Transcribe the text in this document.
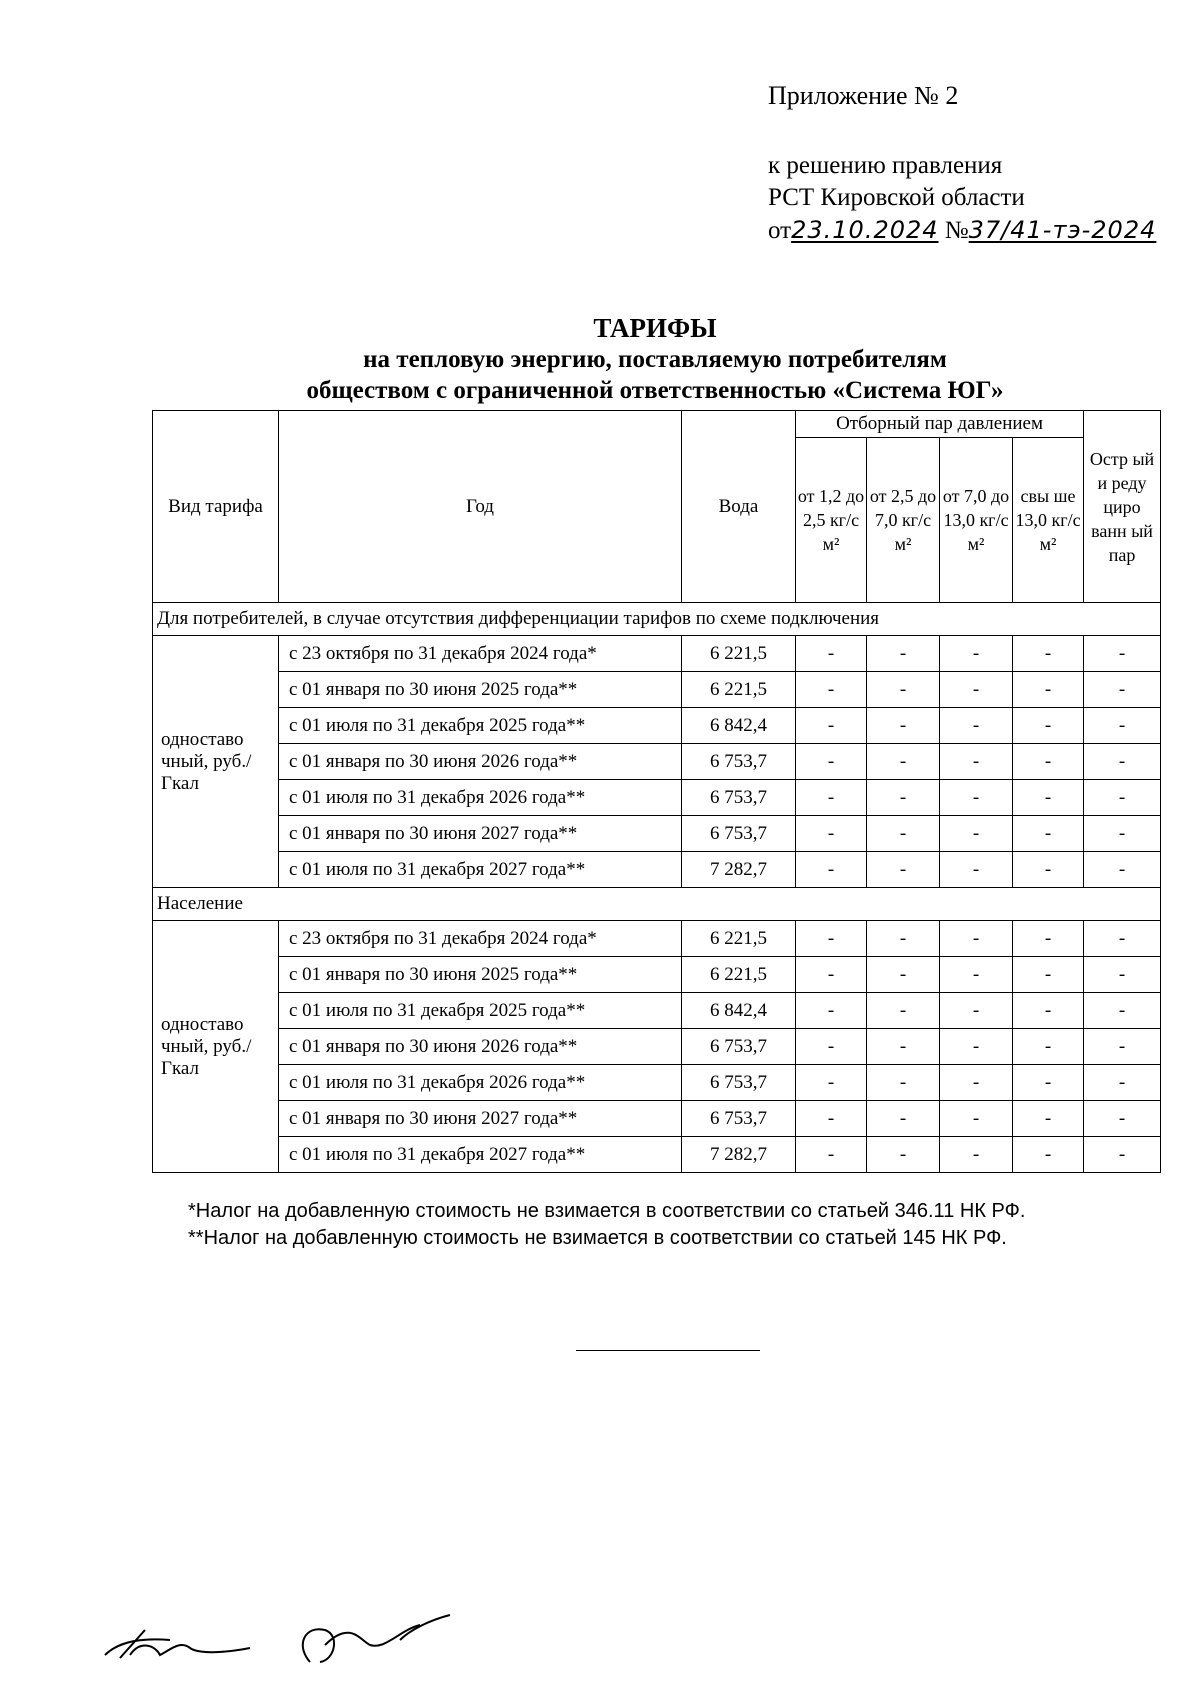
Приложение № 2
к решению правления
РСТ Кировской области
от23.10.2024 №37/41-тэ-2024
ТАРИФЫ
на тепловую энергию, поставляемую потребителям
обществом с ограниченной ответственностью «Система ЮГ»
Вид тарифа	Год	Вода	Отборный пар давлением				Остр ый и реду циро ванн ый пар
			от 1,2 до 2,5 кг/с м²	от 2,5 до 7,0 кг/с м²	от 7,0 до 13,0 кг/с м²	свы ше 13,0 кг/с м²	
Для потребителей, в случае отсутствия дифференциации тарифов по схеме подключения							
одноставо чный, руб./Гкал	с 23 октября по 31 декабря 2024 года*	6 221,5	-	-	-	-	-
	с 01 января по 30 июня 2025 года**	6 221,5	-	-	-	-	-
	с 01 июля по 31 декабря 2025 года**	6 842,4	-	-	-	-	-
	с 01 января по 30 июня 2026 года**	6 753,7	-	-	-	-	-
	с 01 июля по 31 декабря 2026 года**	6 753,7	-	-	-	-	-
	с 01 января по 30 июня 2027 года**	6 753,7	-	-	-	-	-
	с 01 июля по 31 декабря 2027 года**	7 282,7	-	-	-	-	-
Население							
одноставо чный, руб./Гкал	с 23 октября по 31 декабря 2024 года*	6 221,5	-	-	-	-	-
	с 01 января по 30 июня 2025 года**	6 221,5	-	-	-	-	-
	с 01 июля по 31 декабря 2025 года**	6 842,4	-	-	-	-	-
	с 01 января по 30 июня 2026 года**	6 753,7	-	-	-	-	-
	с 01 июля по 31 декабря 2026 года**	6 753,7	-	-	-	-	-
	с 01 января по 30 июня 2027 года**	6 753,7	-	-	-	-	-
	с 01 июля по 31 декабря 2027 года**	7 282,7	-	-	-	-	-
*Налог на добавленную стоимость не взимается в соответствии со статьей 346.11 НК РФ.
**Налог на добавленную стоимость не взимается в соответствии со статьей 145 НК РФ.
